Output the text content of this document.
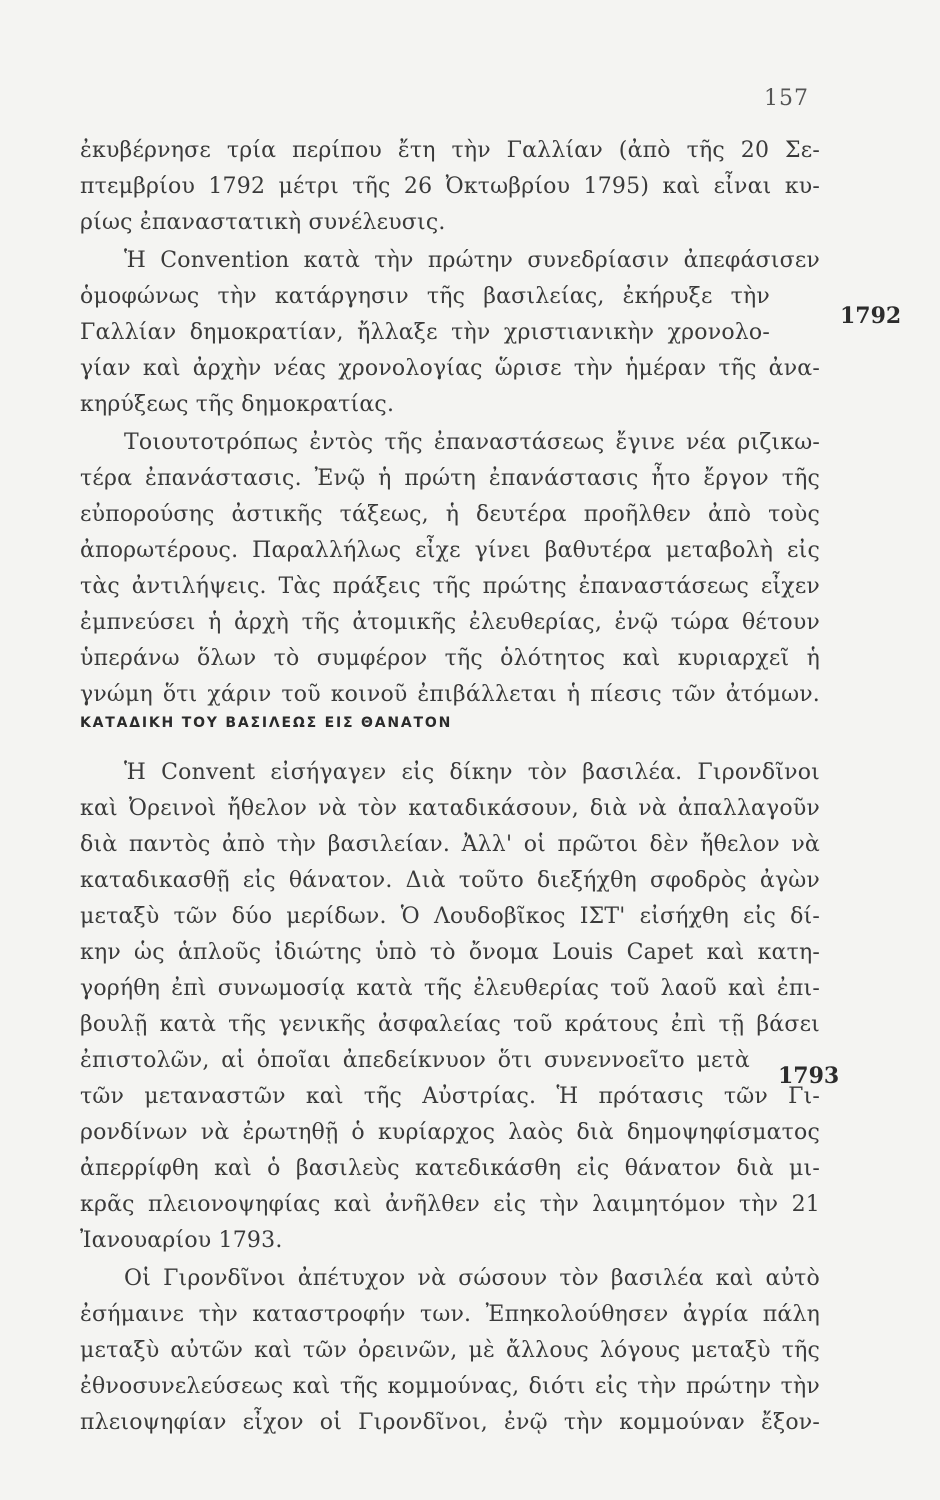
157
ἐκυβέρνησε τρία περίπου ἔτη τὴν Γαλλίαν (ἀπὸ τῆς 20 Σε-
πτεμβρίου 1792 μέτρι τῆς 26 Ὀκτωβρίου 1795) καὶ εἶναι κυ-
ρίως ἐπαναστατικὴ συνέλευσις.
Ἡ Convention κατὰ τὴν πρώτην συνεδρίασιν ἀπεφάσισεν
ὁμοφώνως τὴν κατάργησιν τῆς βασιλείας, ἐκήρυξε τὴν
1792
Γαλλίαν δημοκρατίαν, ἤλλαξε τὴν χριστιανικὴν χρονολο-
γίαν καὶ ἀρχὴν νέας χρονολογίας ὥρισε τὴν ἡμέραν τῆς ἀνα-
κηρύξεως τῆς δημοκρατίας.
Τοιουτοτρόπως ἐντὸς τῆς ἐπαναστάσεως ἔγινε νέα ριζικω-
τέρα ἐπανάστασις. Ἐνῷ ἡ πρώτη ἐπανάστασις ἦτο ἔργον τῆς
εὐπορούσης ἀστικῆς τάξεως, ἡ δευτέρα προῆλθεν ἀπὸ τοὺς
ἀπορωτέρους. Παραλλήλως εἶχε γίνει βαθυτέρα μεταβολὴ εἰς
τὰς ἀντιλήψεις. Τὰς πράξεις τῆς πρώτης ἐπαναστάσεως εἶχεν
ἐμπνεύσει ἡ ἀρχὴ τῆς ἀτομικῆς ἐλευθερίας, ἐνῷ τώρα θέτουν
ὑπεράνω ὅλων τὸ συμφέρον τῆς ὁλότητος καὶ κυριαρχεῖ ἡ
γνώμη ὅτι χάριν τοῦ κοινοῦ ἐπιβάλλεται ἡ πίεσις τῶν ἀτόμων.
ΚΑΤΑΔΙΚΗ ΤΟΥ ΒΑΣΙΛΕΩΣ ΕΙΣ ΘΑΝΑΤΟΝ
Ἡ Convent εἰσήγαγεν εἰς δίκην τὸν βασιλέα. Γιρονδῖνοι
καὶ Ὀρεινοὶ ἤθελον νὰ τὸν καταδικάσουν, διὰ νὰ ἀπαλλαγοῦν
διὰ παντὸς ἀπὸ τὴν βασιλείαν. Ἀλλ' οἱ πρῶτοι δὲν ἤθελον νὰ
καταδικασθῇ εἰς θάνατον. Διὰ τοῦτο διεξήχθη σφοδρὸς ἀγὼν
μεταξὺ τῶν δύο μερίδων. Ὁ Λουδοβῖκος ΙΣΤ' εἰσήχθη εἰς δί-
κην ὡς ἁπλοῦς ἰδιώτης ὑπὸ τὸ ὄνομα Louis Capet καὶ κατη-
γορήθη ἐπὶ συνωμοσίᾳ κατὰ τῆς ἐλευθερίας τοῦ λαοῦ καὶ ἐπι-
βουλῇ κατὰ τῆς γενικῆς ἀσφαλείας τοῦ κράτους ἐπὶ τῇ βάσει
ἐπιστολῶν, αἱ ὁποῖαι ἀπεδείκνυον ὅτι συνεννοεῖτο μετὰ
1793
τῶν μεταναστῶν καὶ τῆς Αὐστρίας. Ἡ πρότασις τῶν Γι-
ρονδίνων νὰ ἐρωτηθῇ ὁ κυρίαρχος λαὸς διὰ δημοψηφίσματος
ἀπερρίφθη καὶ ὁ βασιλεὺς κατεδικάσθη εἰς θάνατον διὰ μι-
κρᾶς πλειονοψηφίας καὶ ἀνῆλθεν εἰς τὴν λαιμητόμον τὴν 21
Ἰανουαρίου 1793.
Οἱ Γιρονδῖνοι ἀπέτυχον νὰ σώσουν τὸν βασιλέα καὶ αὐτὸ
ἐσήμαινε τὴν καταστροφήν των. Ἐπηκολούθησεν ἀγρία πάλη
μεταξὺ αὐτῶν καὶ τῶν ὀρεινῶν, μὲ ἄλλους λόγους μεταξὺ τῆς
ἐθνοσυνελεύσεως καὶ τῆς κομμούνας, διότι εἰς τὴν πρώτην τὴν
πλειοψηφίαν εἶχον οἱ Γιρονδῖνοι, ἐνῷ τὴν κομμούναν ἔξον-
